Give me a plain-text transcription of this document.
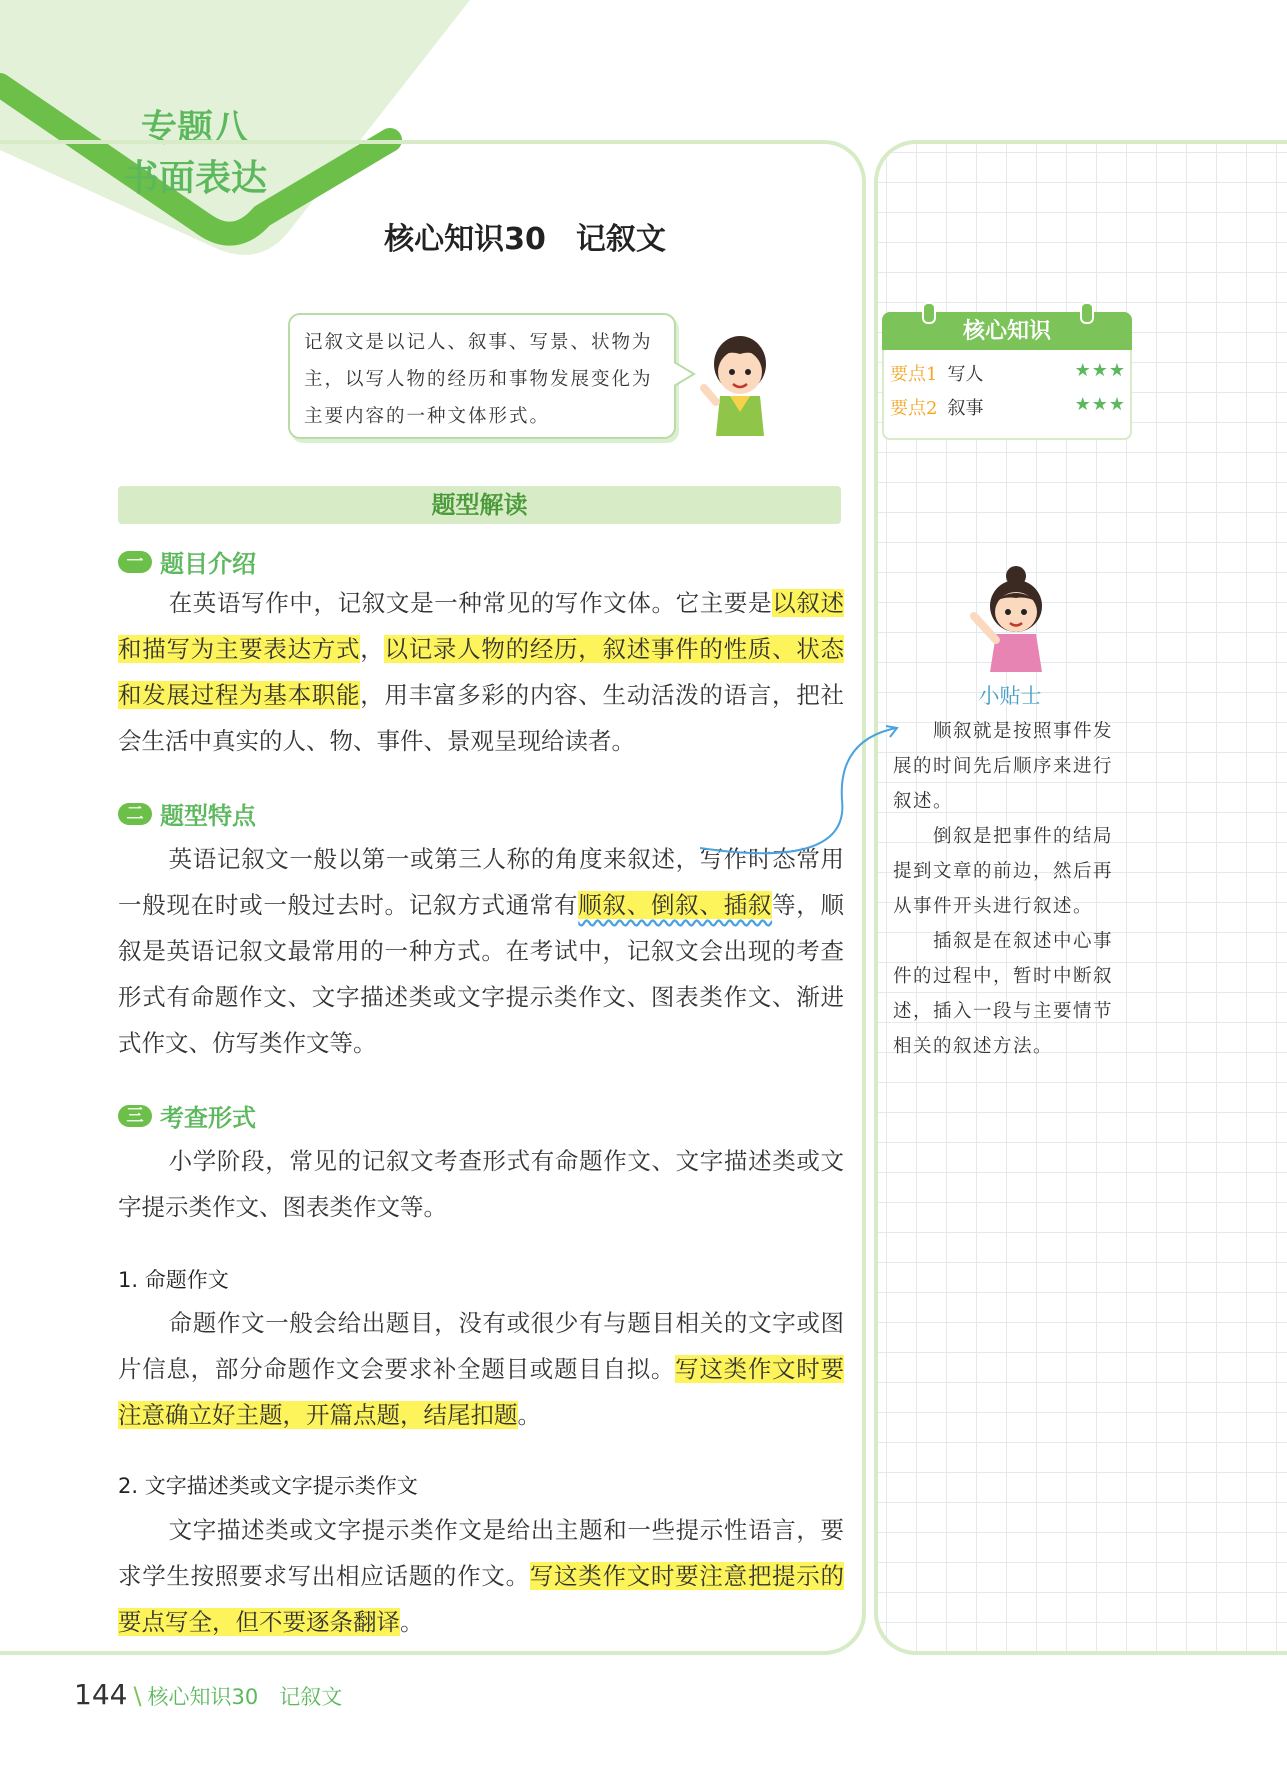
专题八
书面表达
核心知识30　记叙文
记叙文是以记人、叙事、写景、状物为主，以写人物的经历和事物发展变化为主要内容的一种文体形式。
题型解读
一 题目介绍
在英语写作中，记叙文是一种常见的写作文体。它主要是以叙述和描写为主要表达方式，以记录人物的经历，叙述事件的性质、状态和发展过程为基本职能，用丰富多彩的内容、生动活泼的语言，把社会生活中真实的人、物、事件、景观呈现给读者。
二 题型特点
英语记叙文一般以第一或第三人称的角度来叙述，写作时态常用一般现在时或一般过去时。记叙方式通常有顺叙、倒叙、插叙等，顺叙是英语记叙文最常用的一种方式。在考试中，记叙文会出现的考查形式有命题作文、文字描述类或文字提示类作文、图表类作文、渐进式作文、仿写类作文等。
三 考查形式
小学阶段，常见的记叙文考查形式有命题作文、文字描述类或文字提示类作文、图表类作文等。
1. 命题作文
命题作文一般会给出题目，没有或很少有与题目相关的文字或图片信息，部分命题作文会要求补全题目或题目自拟。写这类作文时要注意确立好主题，开篇点题，结尾扣题。
2. 文字描述类或文字提示类作文
文字描述类或文字提示类作文是给出主题和一些提示性语言，要求学生按照要求写出相应话题的作文。写这类作文时要注意把提示的要点写全，但不要逐条翻译。
核心知识
要点1 写人	★★★
要点2 叙事	★★★
小贴士
顺叙就是按照事件发展的时间先后顺序来进行叙述。
倒叙是把事件的结局提到文章的前边，然后再从事件开头进行叙述。
插叙是在叙述中心事件的过程中，暂时中断叙述，插入一段与主要情节相关的叙述方法。
144 \ 核心知识30　记叙文
